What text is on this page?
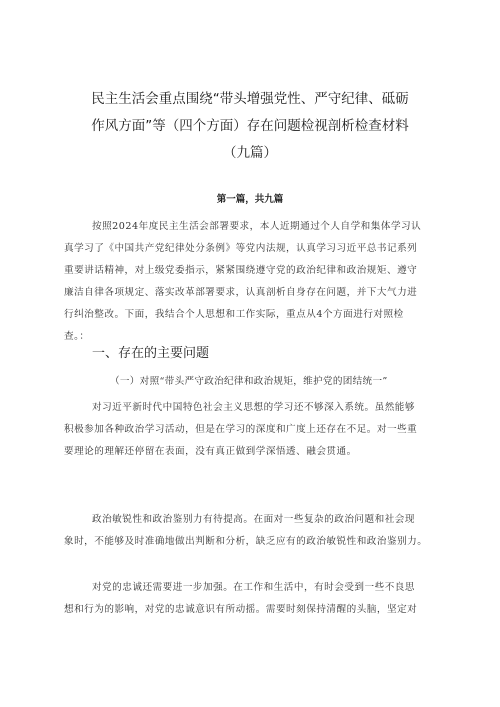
民主生活会重点围绕“带头增强党性、严守纪律、砥砺
作风方面”等（四个方面）存在问题检视剖析检查材料
（九篇）
第一篇，共九篇
按照2024年度民主生活会部署要求，本人近期通过个人自学和集体学习认
真学习了《中国共产党纪律处分条例》等党内法规，认真学习习近平总书记系列
重要讲话精神，对上级党委指示，紧紧围绕遵守党的政治纪律和政治规矩、遵守
廉洁自律各项规定、落实改革部署要求，认真剖析自身存在问题，并下大气力进
行纠治整改。下面，我结合个人思想和工作实际，重点从4个方面进行对照检
查。：
一、存在的主要问题
（一）对照“带头严守政治纪律和政治规矩，维护党的团结统一”
对习近平新时代中国特色社会主义思想的学习还不够深入系统。虽然能够
积极参加各种政治学习活动，但是在学习的深度和广度上还存在不足。对一些重
要理论的理解还停留在表面，没有真正做到学深悟透、融会贯通。
政治敏锐性和政治鉴别力有待提高。在面对一些复杂的政治问题和社会现
象时，不能够及时准确地做出判断和分析，缺乏应有的政治敏锐性和政治鉴别力。
对党的忠诚还需要进一步加强。在工作和生活中，有时会受到一些不良思
想和行为的影响，对党的忠诚意识有所动摇。需要时刻保持清醒的头脑，坚定对
